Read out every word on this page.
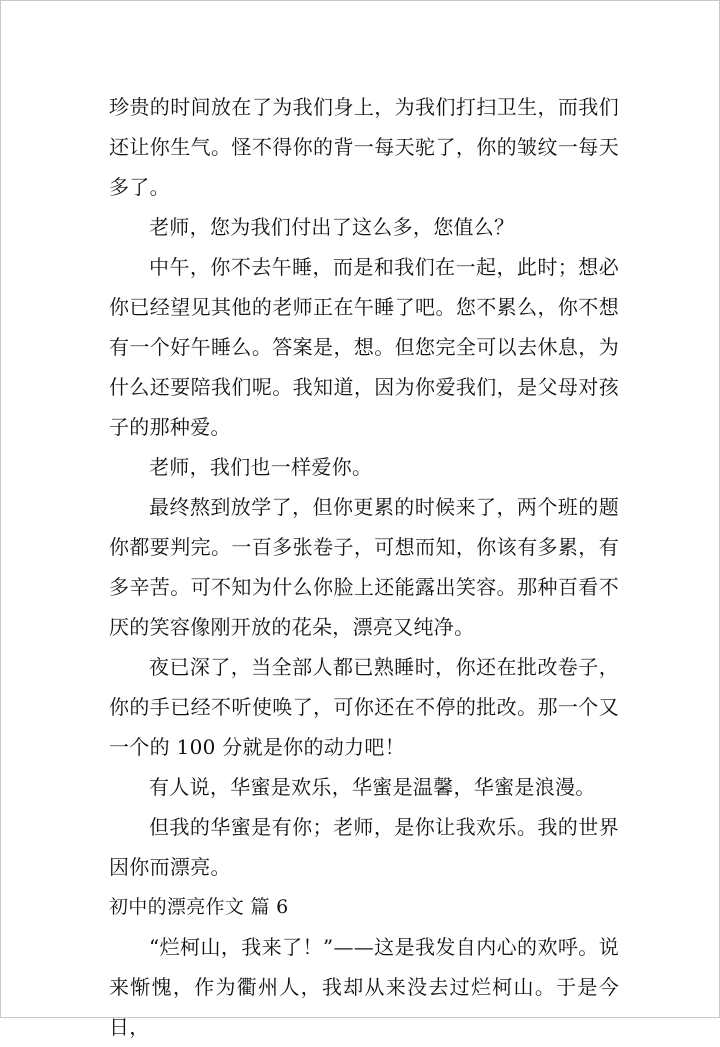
珍贵的时间放在了为我们身上，为我们打扫卫生，而我们还让你生气。怪不得你的背一每天驼了，你的皱纹一每天多了。

老师，您为我们付出了这么多，您值么？

中午，你不去午睡，而是和我们在一起，此时；想必你已经望见其他的老师正在午睡了吧。您不累么，你不想有一个好午睡么。答案是，想。但您完全可以去休息，为什么还要陪我们呢。我知道，因为你爱我们，是父母对孩子的那种爱。

老师，我们也一样爱你。

最终熬到放学了，但你更累的时候来了，两个班的题你都要判完。一百多张卷子，可想而知，你该有多累，有多辛苦。可不知为什么你脸上还能露出笑容。那种百看不厌的笑容像刚开放的花朵，漂亮又纯净。

夜已深了，当全部人都已熟睡时，你还在批改卷子，你的手已经不听使唤了，可你还在不停的批改。那一个又一个的 100 分就是你的动力吧！

有人说，华蜜是欢乐，华蜜是温馨，华蜜是浪漫。

但我的华蜜是有你；老师，是你让我欢乐。我的世界因你而漂亮。

初中的漂亮作文 篇 6

“烂柯山，我来了！”——这是我发自内心的欢呼。说来惭愧，作为衢州人，我却从来没去过烂柯山。于是今日，
